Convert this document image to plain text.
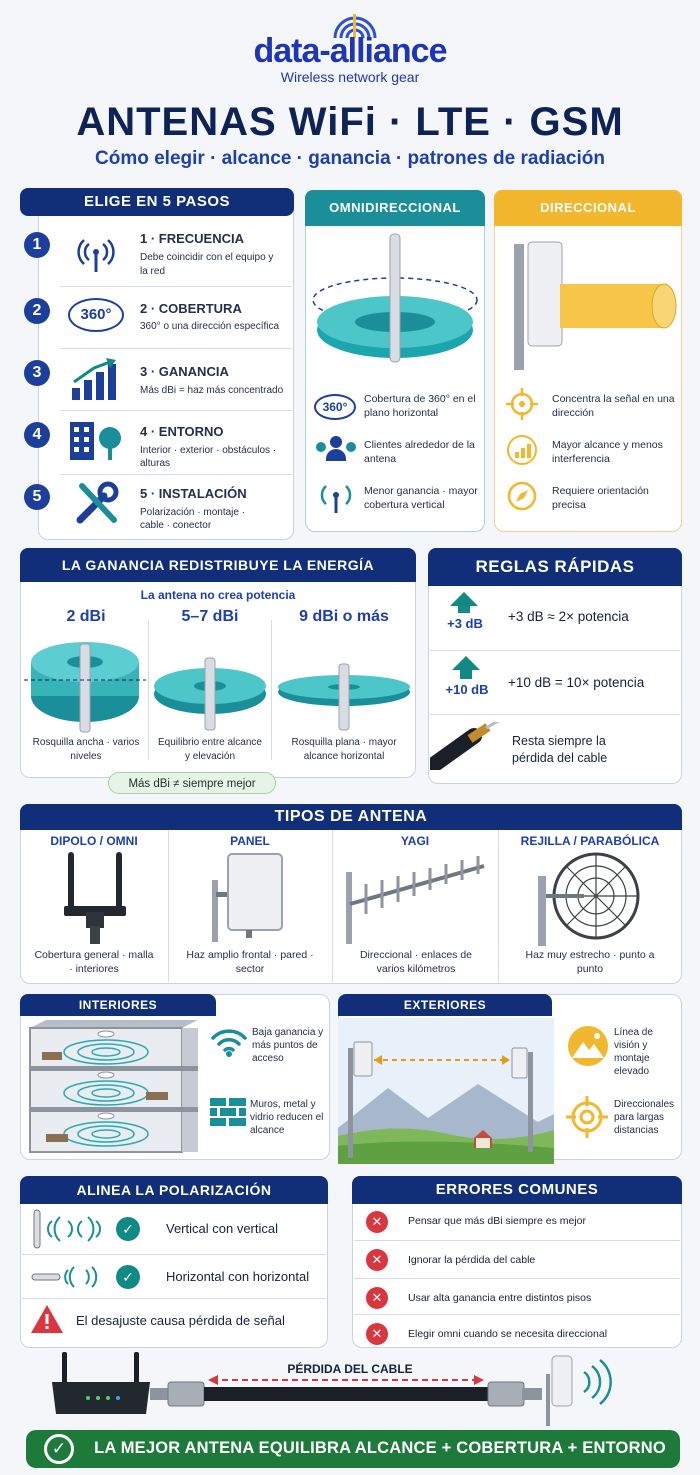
data-alliance
Wireless network gear
ANTENAS WiFi · LTE · GSM
Cómo elegir · alcance · ganancia · patrones de radiación
ELIGE EN 5 PASOS
1	1 · FRECUENCIA
Debe coincidir con el equipo y la red
2	360°	2 · COBERTURA
360° o una dirección específica
3	3 · GANANCIA
Más dBi = haz más concentrado
4	4 · ENTORNO
Interior · exterior · obstáculos · alturas
5	5 · INSTALACIÓN
Polarización · montaje · cable · conector
OMNIDIRECCIONAL
360°
Cobertura de 360° en el plano horizontal
Clientes alrededor de la antena
Menor ganancia · mayor cobertura vertical
DIRECCIONAL
Concentra la señal en una dirección
Mayor alcance y menos interferencia
Requiere orientación precisa
LA GANANCIA REDISTRIBUYE LA ENERGÍA
La antena no crea potencia
2 dBi
Rosquilla ancha · varios niveles
5–7 dBi
Equilibrio entre alcance y elevación
9 dBi o más
Rosquilla plana · mayor alcance horizontal
Más dBi ≠ siempre mejor
REGLAS RÁPIDAS
+3 dB	+3 dB ≈ 2× potencia
+10 dB	+10 dB = 10× potencia
Resta siempre la pérdida del cable
TIPOS DE ANTENA
DIPOLO / OMNI
Cobertura general · malla · interiores
PANEL
Haz amplio frontal · pared · sector
YAGI
Direccional · enlaces de varios kilómetros
REJILLA / PARABÓLICA
Haz muy estrecho · punto a punto
INTERIORES
Baja ganancia y más puntos de acceso
Muros, metal y vidrio reducen el alcance
EXTERIORES
Línea de visión y montaje elevado
Direccionales para largas distancias
ALINEA LA POLARIZACIÓN
✓	Vertical con vertical
✓	Horizontal con horizontal
El desajuste causa pérdida de señal
ERRORES COMUNES
✕	Pensar que más dBi siempre es mejor
✕	Ignorar la pérdida del cable
✕	Usar alta ganancia entre distintos pisos
✕	Elegir omni cuando se necesita direccional
PÉRDIDA DEL CABLE
✓	LA MEJOR ANTENA EQUILIBRA ALCANCE + COBERTURA + ENTORNO
